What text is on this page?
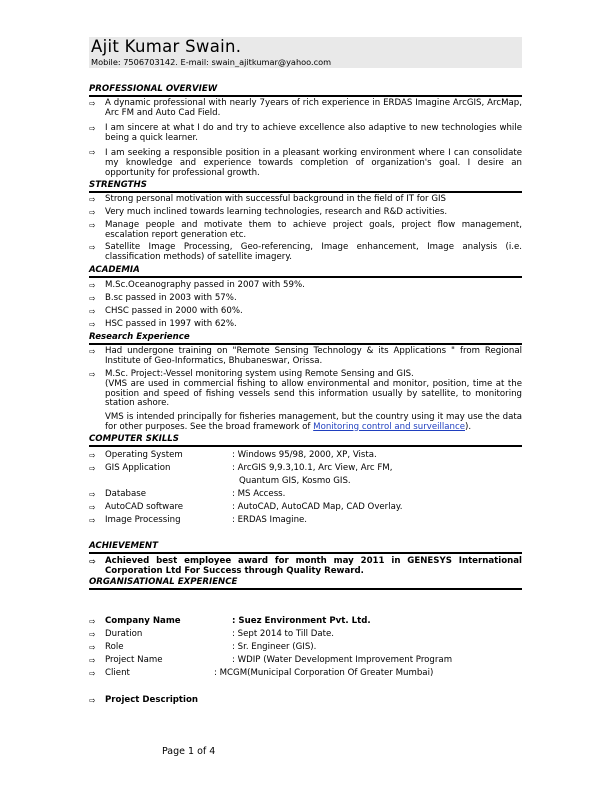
Ajit Kumar Swain.
Mobile: 7506703142. E-mail: swain_ajitkumar@yahoo.com
PROFESSIONAL OVERVIEW
⇨	A dynamic professional with nearly 7years of rich experience in ERDAS Imagine ArcGIS, ArcMap, Arc FM and Auto Cad Field.
⇨	I am sincere at what I do and try to achieve excellence also adaptive to new technologies while being a quick learner.
⇨	I am seeking a responsible position in a pleasant working environment where I can consolidate my knowledge and experience towards completion of organization's goal. I desire an opportunity for professional growth.
STRENGTHS
⇨	Strong personal motivation with successful background in the field of IT for GIS
⇨	Very much inclined towards learning technologies, research and R&D activities.
⇨	Manage people and motivate them to achieve project goals, project flow management, escalation report generation etc.
⇨	Satellite Image Processing, Geo-referencing, Image enhancement, Image analysis (i.e. classification methods) of satellite imagery.
ACADEMIA
⇨	M.Sc.Oceanography passed in 2007 with 59%.
⇨	B.sc passed in 2003 with 57%.
⇨	CHSC passed in 2000 with 60%.
⇨	HSC passed in 1997 with 62%.
Research Experience
⇨	Had undergone training on "Remote Sensing Technology & its Applications " from Regional Institute of Geo-Informatics, Bhubaneswar, Orissa.
⇨	M.Sc. Project:-Vessel monitoring system using Remote Sensing and GIS.
(VMS are used in commercial fishing to allow environmental and monitor, position, time at the position and speed of fishing vessels send this information usually by satellite, to monitoring station ashore.
VMS is intended principally for fisheries management, but the country using it may use the data for other purposes. See the broad framework of Monitoring control and surveillance).
COMPUTER SKILLS
⇨ Operating System	: Windows 95/98, 2000, XP, Vista.
⇨ GIS Application	: ArcGIS 9,9.3,10.1, Arc View, Arc FM,
Quantum GIS, Kosmo GIS.
⇨ Database	: MS Access.
⇨ AutoCAD software	: AutoCAD, AutoCAD Map, CAD Overlay.
⇨ Image Processing	: ERDAS Imagine.
ACHIEVEMENT
⇨	Achieved best employee award for month may 2011 in GENESYS International Corporation Ltd For Success through Quality Reward.
ORGANISATIONAL EXPERIENCE
⇨ Company Name	: Suez Environment Pvt. Ltd.
⇨ Duration	: Sept 2014 to Till Date.
⇨ Role	: Sr. Engineer (GIS).
⇨ Project Name	: WDIP (Water Development Improvement Program
⇨ Client	: MCGM(Municipal Corporation Of Greater Mumbai)
⇨ Project Description
Page 1 of 4
